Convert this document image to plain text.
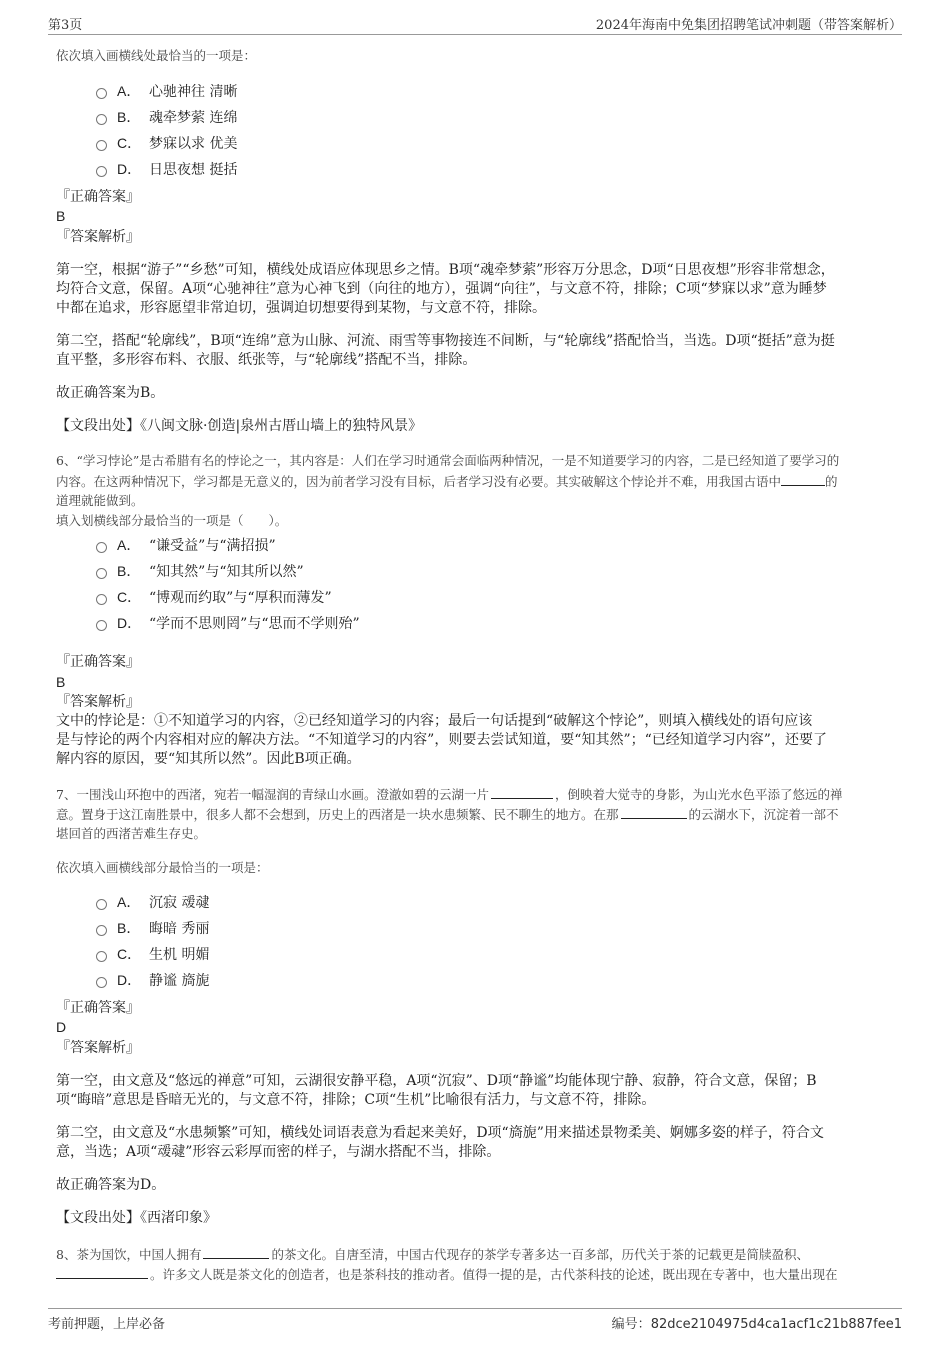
第3页	2024年海南中免集团招聘笔试冲刺题（带答案解析）
依次填入画横线处最恰当的一项是：
A． 心驰神往 清晰
B． 魂牵梦萦 连绵
C． 梦寐以求 优美
D． 日思夜想 挺括
『正确答案』
B
『答案解析』
第一空，根据“游子”“乡愁”可知，横线处成语应体现思乡之情。B项“魂牵梦萦”形容万分思念，D项“日思夜想”形容非常想念，
均符合文意，保留。A项“心驰神往”意为心神飞到（向往的地方），强调“向往”，与文意不符，排除；C项“梦寐以求”意为睡梦
中都在追求，形容愿望非常迫切，强调迫切想要得到某物，与文意不符，排除。
第二空，搭配“轮廓线”，B项“连绵”意为山脉、河流、雨雪等事物接连不间断，与“轮廓线”搭配恰当，当选。D项“挺括”意为挺
直平整，多形容布料、衣服、纸张等，与“轮廓线”搭配不当，排除。
故正确答案为B。
【文段出处】《八闽文脉·创造|泉州古厝山墙上的独特风景》
6、“学习悖论”是古希腊有名的悖论之一，其内容是：人们在学习时通常会面临两种情况，一是不知道要学习的内容，二是已经知道了要学习的
内容。在这两种情况下，学习都是无意义的，因为前者学习没有目标，后者学习没有必要。其实破解这个悖论并不难，用我国古语中	的
道理就能做到。
填入划横线部分最恰当的一项是（　　）。
A． “谦受益”与“满招损”
B． “知其然”与“知其所以然”
C． “博观而约取”与“厚积而薄发”
D． “学而不思则罔”与“思而不学则殆”
『正确答案』
B
『答案解析』
文中的悖论是：①不知道学习的内容，②已经知道学习的内容；最后一句话提到“破解这个悖论”，则填入横线处的语句应该
是与悖论的两个内容相对应的解决方法。“不知道学习的内容”，则要去尝试知道，要“知其然”；“已经知道学习内容”，还要了
解内容的原因，要“知其所以然”。因此B项正确。
7、一围浅山环抱中的西渚，宛若一幅湿润的青绿山水画。澄澈如碧的云湖一片	，倒映着大觉寺的身影，为山光水色平添了悠远的禅
意。置身于这江南胜景中，很多人都不会想到，历史上的西渚是一块水患频繁、民不聊生的地方。在那	的云湖水下，沉淀着一部不
堪回首的西渚苦难生存史。
依次填入画横线部分最恰当的一项是：
A． 沉寂 叆叇
B． 晦暗 秀丽
C． 生机 明媚
D． 静谧 旖旎
『正确答案』
D
『答案解析』
第一空，由文意及“悠远的禅意”可知，云湖很安静平稳，A项“沉寂”、D项“静谧”均能体现宁静、寂静，符合文意，保留；B
项“晦暗”意思是昏暗无光的，与文意不符，排除；C项“生机”比喻很有活力，与文意不符，排除。
第二空，由文意及“水患频繁”可知，横线处词语表意为看起来美好，D项“旖旎”用来描述景物柔美、婀娜多姿的样子，符合文
意，当选；A项“叆叇”形容云彩厚而密的样子，与湖水搭配不当，排除。
故正确答案为D。
【文段出处】《西渚印象》
8、茶为国饮，中国人拥有	的茶文化。自唐至清，中国古代现存的茶学专著多达一百多部，历代关于茶的记载更是简牍盈积、
。许多文人既是茶文化的创造者，也是茶科技的推动者。值得一提的是，古代茶科技的论述，既出现在专著中，也大量出现在
考前押题，上岸必备	编号：82dce2104975d4ca1acf1c21b887fee1
